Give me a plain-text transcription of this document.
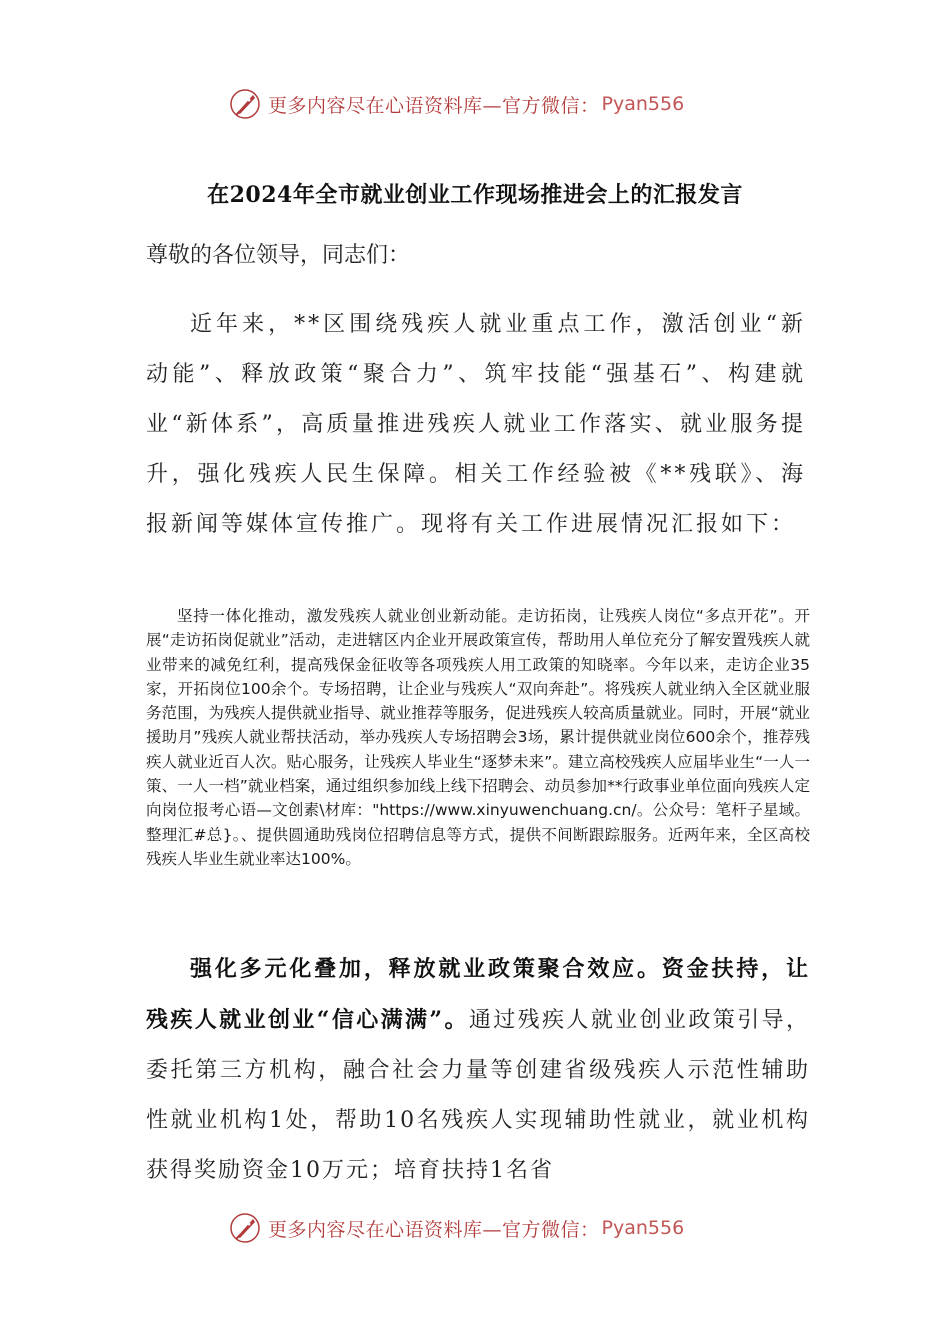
更多内容尽在心语资料库—官方微信： Pyan556
在2024年全市就业创业工作现场推进会上的汇报发言
尊敬的各位领导，同志们：
近年来，**区围绕残疾人就业重点工作，激活创业“新动能”、释放政策“聚合力”、筑牢技能“强基石”、构建就业“新体系”，高质量推进残疾人就业工作落实、就业服务提升，强化残疾人民生保障。相关工作经验被《**残联》、海报新闻等媒体宣传推广。现将有关工作进展情况汇报如下：
坚持一体化推动，激发残疾人就业创业新动能。走访拓岗，让残疾人岗位“多点开花”。开展“走访拓岗促就业”活动，走进辖区内企业开展政策宣传，帮助用人单位充分了解安置残疾人就业带来的减免红利，提高残保金征收等各项残疾人用工政策的知晓率。今年以来，走访企业35家，开拓岗位100余个。专场招聘，让企业与残疾人“双向奔赴”。将残疾人就业纳入全区就业服务范围，为残疾人提供就业指导、就业推荐等服务，促进残疾人较高质量就业。同时，开展“就业援助月”残疾人就业帮扶活动，举办残疾人专场招聘会3场，累计提供就业岗位600余个，推荐残疾人就业近百人次。贴心服务，让残疾人毕业生“逐梦未来”。建立高校残疾人应届毕业生“一人一策、一人一档”就业档案，通过组织参加线上线下招聘会、动员参加**行政事业单位面向残疾人定向岗位报考心语—文创素\材库："https://www.xinyuwenchuang.cn/。公众号：笔杆子星域。整理汇#总}。、提供圆通助残岗位招聘信息等方式，提供不间断跟踪服务。近两年来，全区高校残疾人毕业生就业率达100%。
强化多元化叠加，释放就业政策聚合效应。资金扶持，让残疾人就业创业“信心满满”。通过残疾人就业创业政策引导，委托第三方机构，融合社会力量等创建省级残疾人示范性辅助性就业机构1处，帮助10名残疾人实现辅助性就业，就业机构获得奖励资金10万元；培育扶持1名省
更多内容尽在心语资料库—官方微信： Pyan556
